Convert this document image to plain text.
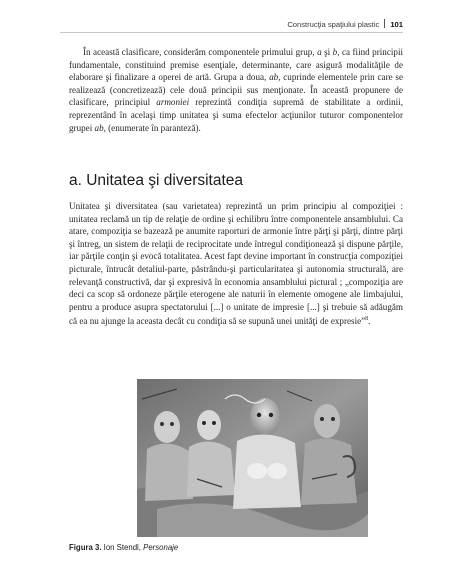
Construcţia spaţiului plastic 101

În această clasificare, considerăm componentele primului grup, a şi b, ca fiind principii fundamentale, constituind premise esenţiale, determinante, care asigură modalităţile de elaborare şi finalizare a operei de artă. Grupa a doua, ab, cuprinde elementele prin care se realizează (concretizează) cele două principii sus menţionate. În această propunere de clasificare, principiul armoniei reprezintă condiţia supremă de stabilitate a ordinii, reprezentând în acelaşi timp unitatea şi suma efectelor acţiunilor tuturor componentelor grupei ab, (enumerate în paranteză).

a. Unitatea şi diversitatea

Unitatea şi diversitatea (sau varietatea) reprezintă un prim principiu al compoziţiei : unitatea reclamă un tip de relaţie de ordine şi echilibru între componentele ansamblului. Ca atare, compoziţia se bazează pe anumite raporturi de armonie între părţi şi părţi, dintre părţi şi întreg, un sistem de relaţii de reciprocitate unde întregul condiţionează şi dispune părţile, iar părţile conţin şi evocă totalitatea. Acest fapt devine important în construcţia compoziţiei picturale, întrucât detaliul-parte, păstrându-şi particularitatea şi autonomia structurală, are relevanţă constructivă, dar şi expresivă în economia ansamblului pictural ; „compoziţia are deci ca scop să ordoneze părţile eterogene ale naturii în elemente omogene ale limbajului, pentru a produce asupra spectatorului [...] o unitate de impresie [...] şi trebuie să adăugăm că ea nu ajunge la aceasta decât cu condiţia să se supună unei unităţi de expresie”$^8$.

Figura 3. Ion Stendl, Personaje
